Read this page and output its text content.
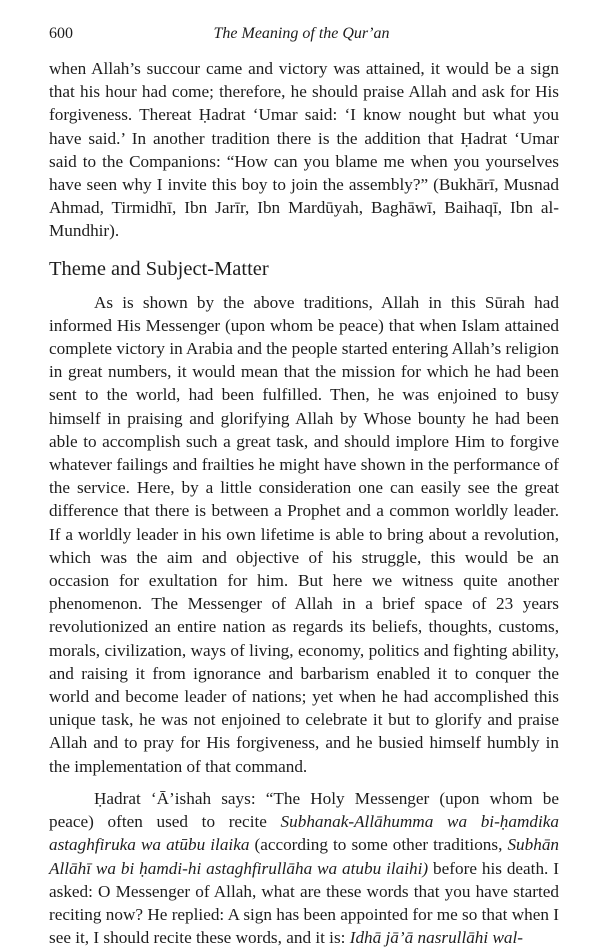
600	The Meaning of the Qurʼan

when Allah’s succour came and victory was attained, it would be a sign that his hour had come; therefore, he should praise Allah and ask for His forgiveness. Thereat Ḥadrat ‘Umar said: ‘I know nought but what you have said.’ In another tradition there is the addition that Ḥadrat ‘Umar said to the Companions: “How can you blame me when you yourselves have seen why I invite this boy to join the assembly?” (Bukhārī, Musnad Ahmad, Tirmidhī, Ibn Jarīr, Ibn Mardūyah, Baghāwī, Baihaqī, Ibn al-Mundhir).

Theme and Subject-Matter

As is shown by the above traditions, Allah in this Sūrah had informed His Messenger (upon whom be peace) that when Islam attained complete victory in Arabia and the people started entering Allah’s religion in great numbers, it would mean that the mission for which he had been sent to the world, had been fulfilled. Then, he was enjoined to busy himself in praising and glorifying Allah by Whose bounty he had been able to accomplish such a great task, and should implore Him to forgive whatever failings and frailties he might have shown in the performance of the service. Here, by a little consideration one can easily see the great difference that there is between a Prophet and a common worldly leader. If a worldly leader in his own lifetime is able to bring about a revolution, which was the aim and objective of his struggle, this would be an occasion for exultation for him. But here we witness quite another phenomenon. The Messenger of Allah in a brief space of 23 years revolutionized an entire nation as regards its beliefs, thoughts, customs, morals, civilization, ways of living, economy, politics and fighting ability, and raising it from ignorance and barbarism enabled it to conquer the world and become leader of nations; yet when he had accomplished this unique task, he was not enjoined to celebrate it but to glorify and praise Allah and to pray for His forgiveness, and he busied himself humbly in the implementation of that command.

Ḥadrat ‘Ā’ishah says: “The Holy Messenger (upon whom be peace) often used to recite Subhanak-Allāhumma wa bi-ḥamdika astaghfiruka wa atūbu ilaika (according to some other traditions, Subhān Allāhī wa bi ḥamdi-hi astaghfirullāha wa atubu ilaihi) before his death. I asked: O Messenger of Allah, what are these words that you have started reciting now? He replied: A sign has been appointed for me so that when I see it, I should recite these words, and it is: Idhā jā’ā nasrullāhi wal-
